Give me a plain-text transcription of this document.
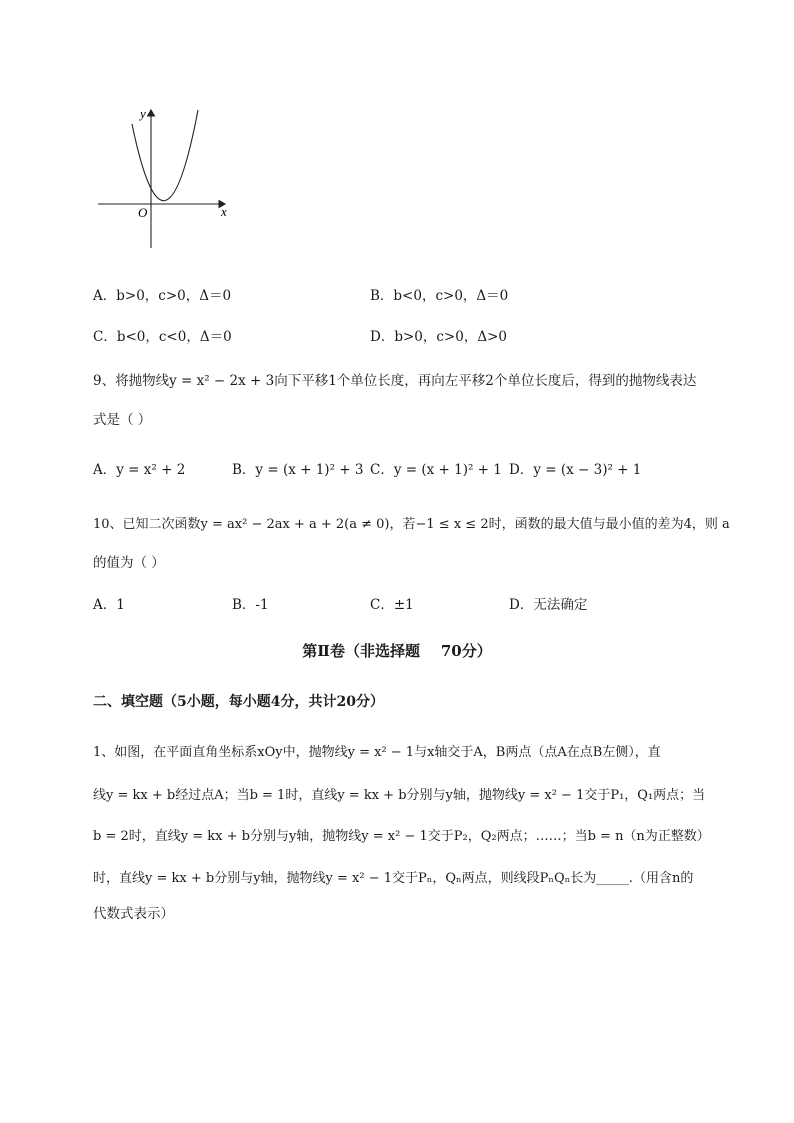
y
x
O
A．b>0，c>0，Δ＝0	B．b<0，c>0，Δ＝0
C．b<0，c<0，Δ＝0	D．b>0，c>0，Δ>0
9、将抛物线y = x² − 2x + 3向下平移1个单位长度，再向左平移2个单位长度后，得到的抛物线表达
式是（ ）
A．y = x² + 2	B．y = (x + 1)² + 3 C．y = (x + 1)² + 1 D．y = (x − 3)² + 1
10、已知二次函数y = ax² − 2ax + a + 2(a ≠ 0)，若−1 ≤ x ≤ 2时，函数的最大值与最小值的差为4，则 a
的值为（ ）
A．1	B．-1	C．±1	D．无法确定
第Ⅱ卷（非选择题    70分）
二、填空题（5小题，每小题4分，共计20分）
1、如图，在平面直角坐标系xOy中，抛物线y = x² − 1与x轴交于A，B两点（点A在点B左侧），直
线y = kx + b经过点A；当b = 1时，直线y = kx + b分别与y轴，抛物线y = x² − 1交于P₁，Q₁两点；当
b = 2时，直线y = kx + b分别与y轴，抛物线y = x² − 1交于P₂，Q₂两点；……；当b = n（n为正整数）
时，直线y = kx + b分别与y轴，抛物线y = x² − 1交于Pₙ，Qₙ两点，则线段PₙQₙ长为_____.（用含n的
代数式表示）
